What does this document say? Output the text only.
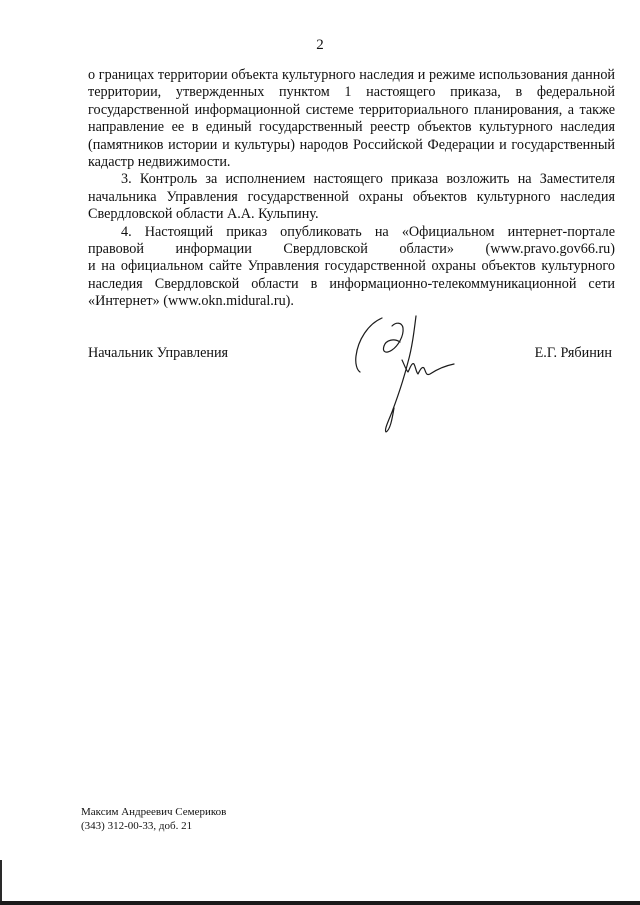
2

о границах территории объекта культурного наследия и режиме использования данной территории, утвержденных пунктом 1 настоящего приказа, в федеральной государственной информационной системе территориального планирования, а также направление ее в единый государственный реестр объектов культурного наследия (памятников истории и культуры) народов Российской Федерации и государственный кадастр недвижимости.

3. Контроль за исполнением настоящего приказа возложить на Заместителя начальника Управления государственной охраны объектов культурного наследия Свердловской области А.А. Кульпину.

4. Настоящий приказ опубликовать на «Официальном интернет-портале правовой информации Свердловской области» (www.pravo.gov66.ru)

и на официальном сайте Управления государственной охраны объектов культурного наследия Свердловской области в информационно-телекоммуникационной сети «Интернет» (www.okn.midural.ru).

Начальник Управления	Е.Г. Рябинин
Максим Андреевич Семериков
(343) 312-00-33, доб. 21
